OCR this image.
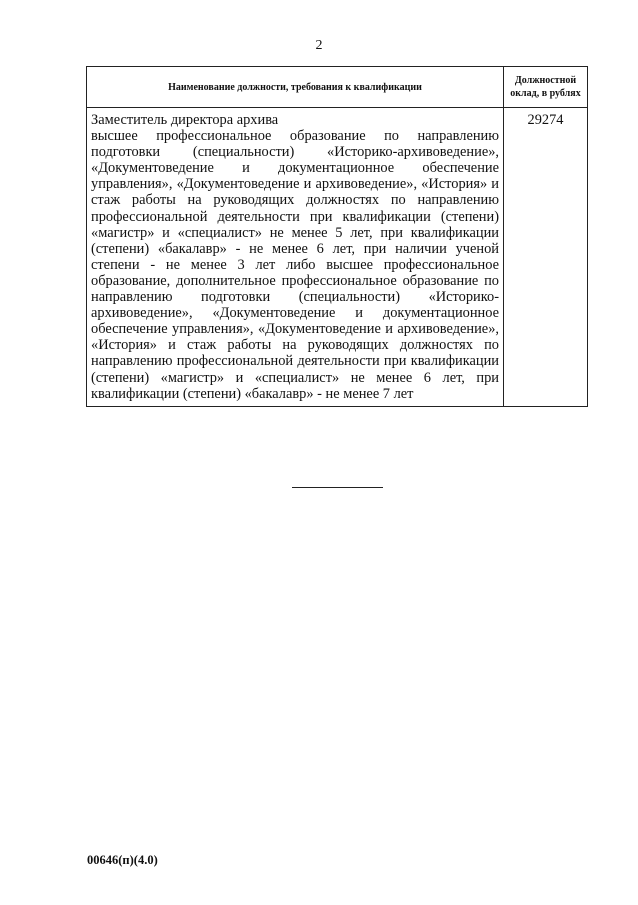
2
Наименование должности, требования к квалификации	Должностной оклад, в рублях

Заместитель директора архива
высшее профессиональное образование по направлению подготовки (специальности) «Историко-архивоведение», «Документоведение и документационное обеспечение управления», «Документоведение и архивоведение», «История» и стаж работы на руководящих должностях по направлению профессиональной деятельности при квалификации (степени) «магистр» и «специалист» не менее 5 лет, при квалификации (степени) «бакалавр» - не менее 6 лет, при наличии ученой степени - не менее 3 лет либо высшее профессиональное образование, дополнительное профессиональное образование по направлению подготовки (специальности) «Историко-архивоведение», «Документоведение и документационное обеспечение управления», «Документоведение и архивоведение», «История» и стаж работы на руководящих должностях по направлению профессиональной деятельности при квалификации (степени) «магистр» и «специалист» не менее 6 лет, при квалификации (степени) «бакалавр» - не менее 7 лет	29274
00646(п)(4.0)
